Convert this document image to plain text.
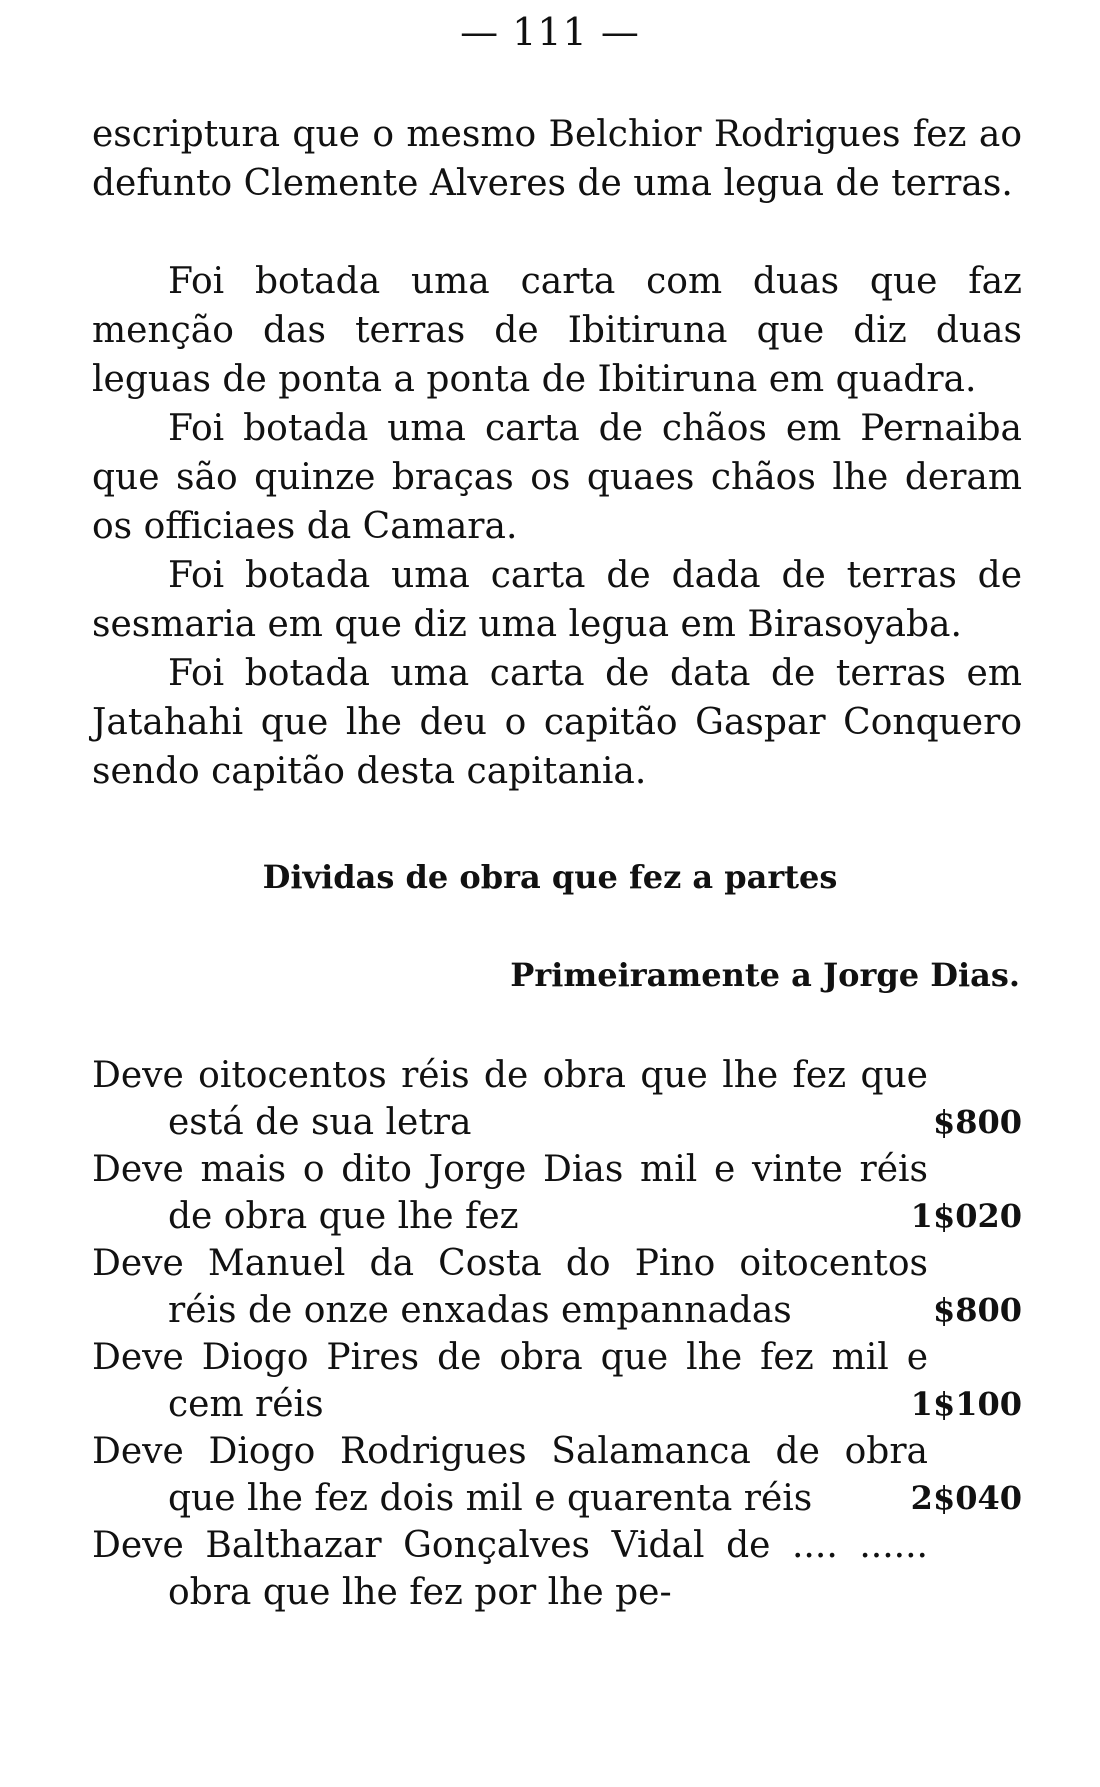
— 111 —

escriptura que o mesmo Belchior Rodrigues fez ao defunto Clemente Alveres de uma legua de terras.

Foi botada uma carta com duas que faz menção das terras de Ibitiruna que diz duas leguas de ponta a ponta de Ibitiruna em quadra.

Foi botada uma carta de chãos em Pernaiba que são quinze braças os quaes chãos lhe deram os officiaes da Camara.

Foi botada uma carta de dada de terras de sesmaria em que diz uma legua em Birasoyaba.

Foi botada uma carta de data de terras em Jatahahi que lhe deu o capitão Gaspar Conquero sendo capitão desta capitania.

Dividas de obra que fez a partes
Primeiramente a Jorge Dias.
Deve oitocentos réis de obra que lhe fez que está de sua letra	$800
Deve mais o dito Jorge Dias mil e vinte réis de obra que lhe fez	1$020
Deve Manuel da Costa do Pino oitocentos réis de onze enxadas empannadas	$800
Deve Diogo Pires de obra que lhe fez mil e cem réis	1$100
Deve Diogo Rodrigues Salamanca de obra que lhe fez dois mil e quarenta réis	2$040
Deve Balthazar Gonçalves Vidal de .... ...... obra que lhe fez por lhe pe-
